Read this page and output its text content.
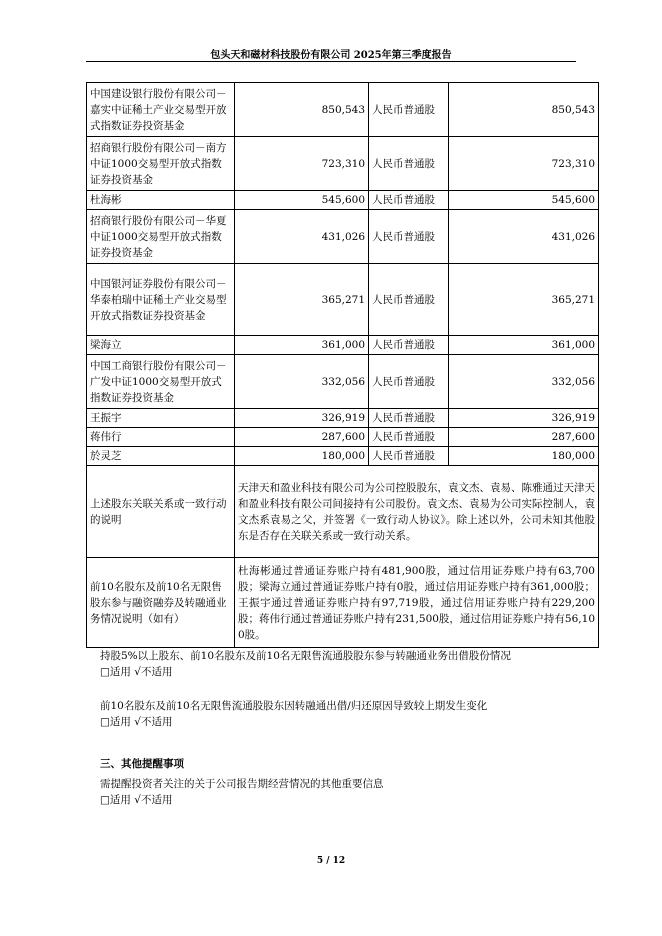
包头天和磁材科技股份有限公司 2025年第三季度报告
中国建设银行股份有限公司－嘉实中证稀土产业交易型开放式指数证券投资基金	850,543	人民币普通股	850,543
招商银行股份有限公司－南方中证1000交易型开放式指数证券投资基金	723,310	人民币普通股	723,310
杜海彬	545,600	人民币普通股	545,600
招商银行股份有限公司－华夏中证1000交易型开放式指数证券投资基金	431,026	人民币普通股	431,026
中国银河证券股份有限公司－华泰柏瑞中证稀土产业交易型开放式指数证券投资基金	365,271	人民币普通股	365,271
梁海立	361,000	人民币普通股	361,000
中国工商银行股份有限公司－广发中证1000交易型开放式指数证券投资基金	332,056	人民币普通股	332,056
王振宇	326,919	人民币普通股	326,919
蒋伟行	287,600	人民币普通股	287,600
於灵芝	180,000	人民币普通股	180,000
上述股东关联关系或一致行动的说明	天津天和盈业科技有限公司为公司控股股东，袁文杰、袁易、陈雅通过天津天和盈业科技有限公司间接持有公司股份。袁文杰、袁易为公司实际控制人，袁文杰系袁易之父，并签署《一致行动人协议》。除上述以外，公司未知其他股东是否存在关联关系或一致行动关系。		
前10名股东及前10名无限售股东参与融资融券及转融通业务情况说明（如有）	杜海彬通过普通证券账户持有481,900股，通过信用证券账户持有63,700股；梁海立通过普通证券账户持有0股，通过信用证券账户持有361,000股；王振宇通过普通证券账户持有97,719股，通过信用证券账户持有229,200股；蒋伟行通过普通证券账户持有231,500股，通过信用证券账户持有56,100股。		
持股5%以上股东、前10名股东及前10名无限售流通股股东参与转融通业务出借股份情况
□适用 √不适用
前10名股东及前10名无限售流通股股东因转融通出借/归还原因导致较上期发生变化
□适用 √不适用
三、其他提醒事项
需提醒投资者关注的关于公司报告期经营情况的其他重要信息
□适用 √不适用
5 / 12
